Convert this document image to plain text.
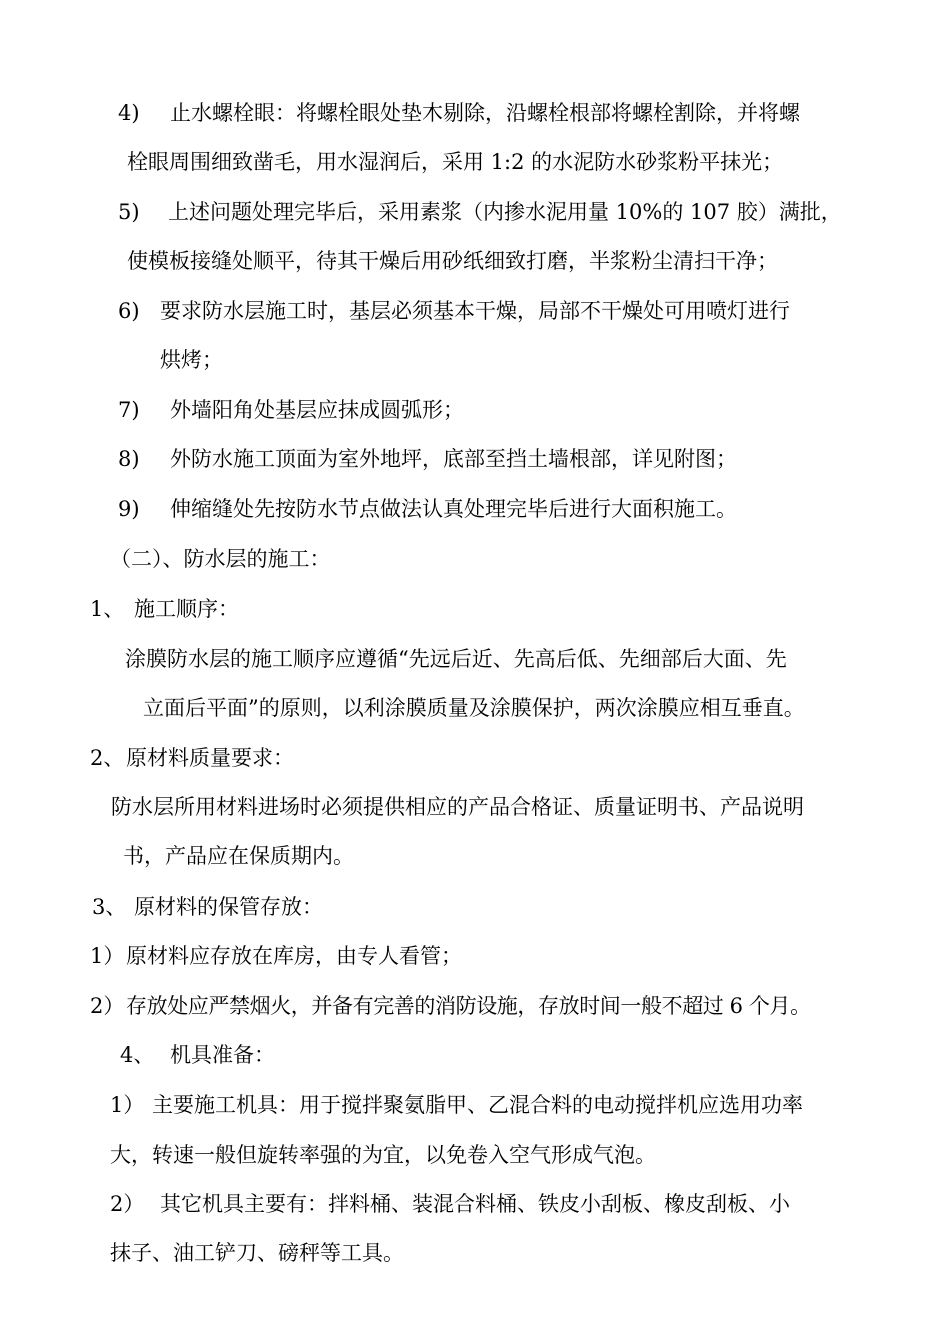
4) 止水螺栓眼：将螺栓眼处垫木剔除，沿螺栓根部将螺栓割除，并将螺
栓眼周围细致凿毛，用水湿润后，采用 1:2 的水泥防水砂浆粉平抹光；
5) 上述问题处理完毕后，采用素浆（内掺水泥用量 10%的 107 胶）满批，
使模板接缝处顺平，待其干燥后用砂纸细致打磨，半浆粉尘清扫干净；
6) 要求防水层施工时，基层必须基本干燥，局部不干燥处可用喷灯进行
烘烤；
7) 外墙阳角处基层应抹成圆弧形；
8) 外防水施工顶面为室外地坪，底部至挡土墙根部，详见附图；
9) 伸缩缝处先按防水节点做法认真处理完毕后进行大面积施工。
（二）、防水层的施工：
1、 施工顺序：
涂膜防水层的施工顺序应遵循“先远后近、先高后低、先细部后大面、先
立面后平面”的原则，以利涂膜质量及涂膜保护，两次涂膜应相互垂直。
2、原材料质量要求：
防水层所用材料进场时必须提供相应的产品合格证、质量证明书、产品说明
书，产品应在保质期内。
3、 原材料的保管存放：
1）原材料应存放在库房，由专人看管；
2）存放处应严禁烟火，并备有完善的消防设施，存放时间一般不超过 6 个月。
4、 机具准备：
1） 主要施工机具：用于搅拌聚氨脂甲、乙混合料的电动搅拌机应选用功率
大，转速一般但旋转率强的为宜，以免卷入空气形成气泡。
2） 其它机具主要有：拌料桶、装混合料桶、铁皮小刮板、橡皮刮板、小
抹子、油工铲刀、磅秤等工具。
